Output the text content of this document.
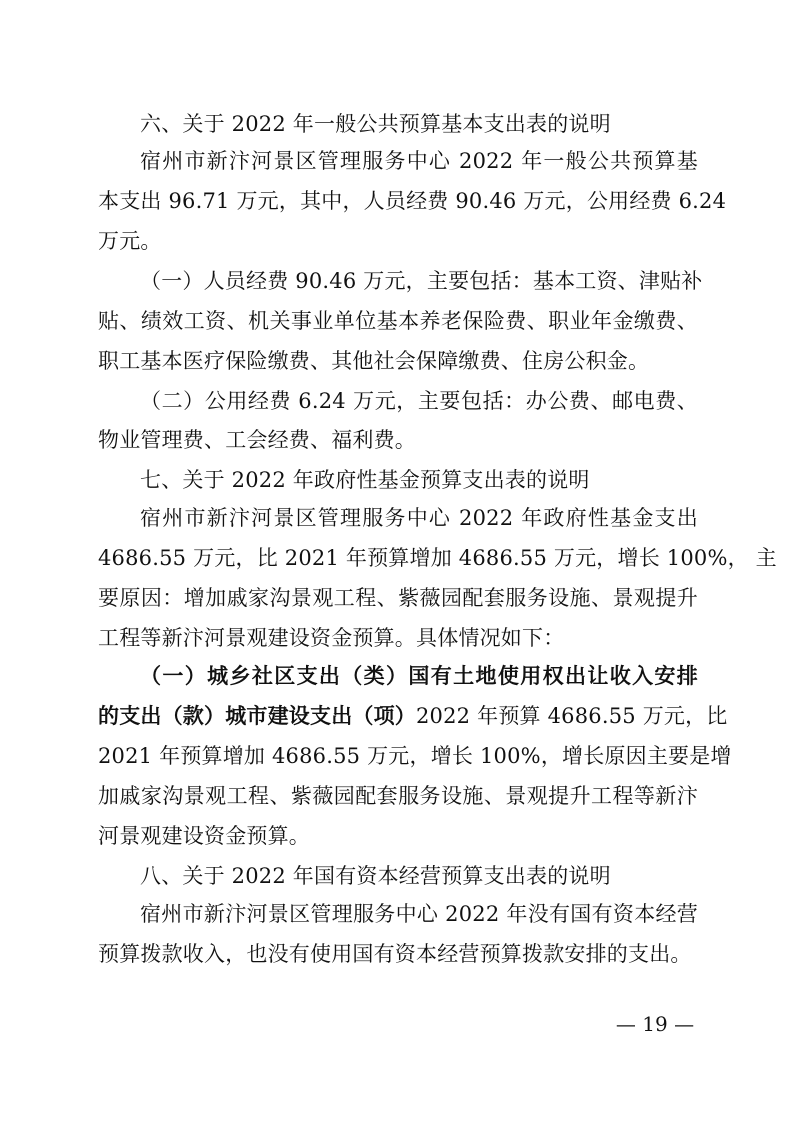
六、关于 2022 年一般公共预算基本支出表的说明
宿州市新汴河景区管理服务中心 2022 年一般公共预算基
本支出 96.71 万元，其中，人员经费 90.46 万元，公用经费 6.24
万元。
（一）人员经费 90.46 万元，主要包括：基本工资、津贴补
贴、绩效工资、机关事业单位基本养老保险费、职业年金缴费、
职工基本医疗保险缴费、其他社会保障缴费、住房公积金。
（二）公用经费 6.24 万元，主要包括：办公费、邮电费、
物业管理费、工会经费、福利费。
七、关于 2022 年政府性基金预算支出表的说明
宿州市新汴河景区管理服务中心 2022 年政府性基金支出
4686.55 万元，比 2021 年预算增加 4686.55 万元，增长 100%， 主
要原因：增加戚家沟景观工程、紫薇园配套服务设施、景观提升
工程等新汴河景观建设资金预算。具体情况如下：
（一）城乡社区支出（类）国有土地使用权出让收入安排
的支出（款）城市建设支出（项）2022 年预算 4686.55 万元，比
2021 年预算增加 4686.55 万元，增长 100%，增长原因主要是增
加戚家沟景观工程、紫薇园配套服务设施、景观提升工程等新汴
河景观建设资金预算。
八、关于 2022 年国有资本经营预算支出表的说明
宿州市新汴河景区管理服务中心 2022 年没有国有资本经营
预算拨款收入，也没有使用国有资本经营预算拨款安排的支出。
— 19 —
